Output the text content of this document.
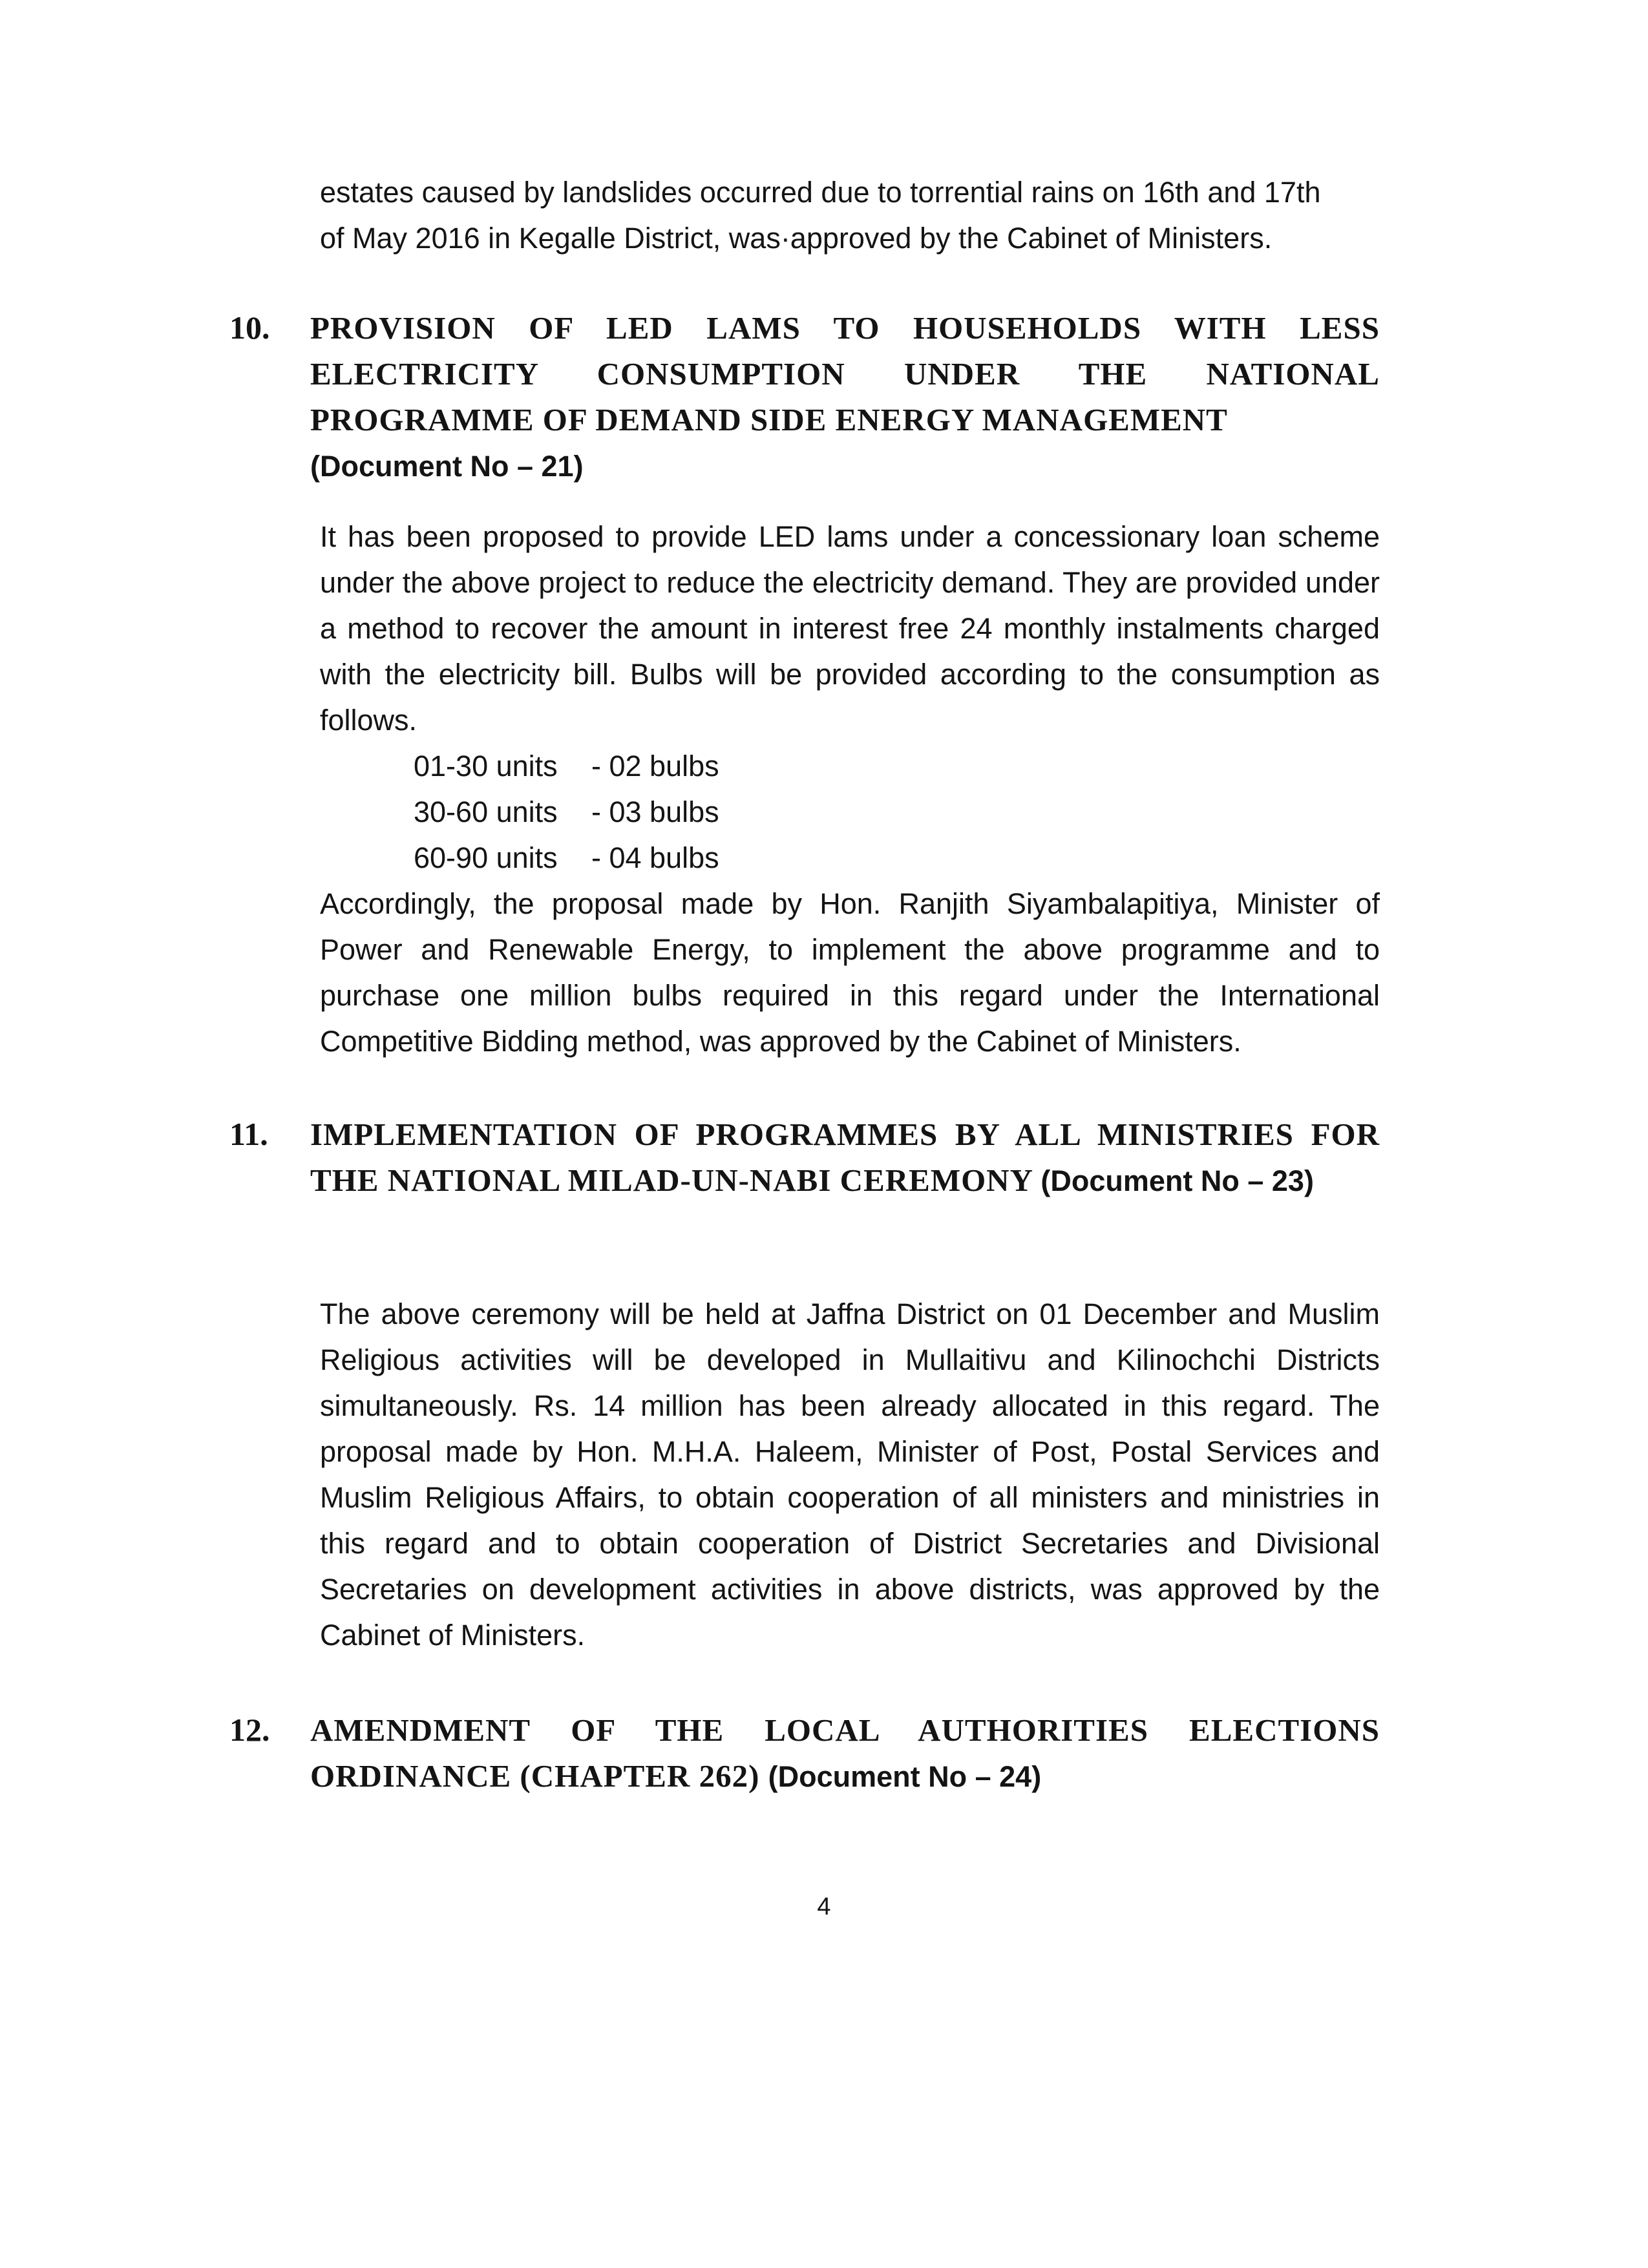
estates caused by landslides occurred due to torrential rains on 16th and 17th
of May 2016 in Kegalle District, was·approved by the Cabinet of Ministers.
10. PROVISION OF LED LAMS TO HOUSEHOLDS WITH LESS ELECTRICITY CONSUMPTION UNDER THE NATIONAL PROGRAMME OF DEMAND SIDE ENERGY MANAGEMENT
(Document No – 21)

It has been proposed to provide LED lams under a concessionary loan scheme under the above project to reduce the electricity demand. They are provided under a method to recover the amount in interest free 24 monthly instalments charged with the electricity bill. Bulbs will be provided according to the consumption as follows.

01-30 units	- 02 bulbs
30-60 units	- 03 bulbs
60-90 units	- 04 bulbs

Accordingly, the proposal made by Hon. Ranjith Siyambalapitiya, Minister of Power and Renewable Energy, to implement the above programme and to purchase one million bulbs required in this regard under the International Competitive Bidding method, was approved by the Cabinet of Ministers.

11. IMPLEMENTATION OF PROGRAMMES BY ALL MINISTRIES FOR THE NATIONAL MILAD-UN-NABI CEREMONY (Document No – 23)

The above ceremony will be held at Jaffna District on 01 December and Muslim Religious activities will be developed in Mullaitivu and Kilinochchi Districts simultaneously. Rs. 14 million has been already allocated in this regard. The proposal made by Hon. M.H.A. Haleem, Minister of Post, Postal Services and Muslim Religious Affairs, to obtain cooperation of all ministers and ministries in this regard and to obtain cooperation of District Secretaries and Divisional Secretaries on development activities in above districts, was approved by the Cabinet of Ministers.

12. AMENDMENT OF THE LOCAL AUTHORITIES ELECTIONS ORDINANCE (CHAPTER 262) (Document No – 24)
4
